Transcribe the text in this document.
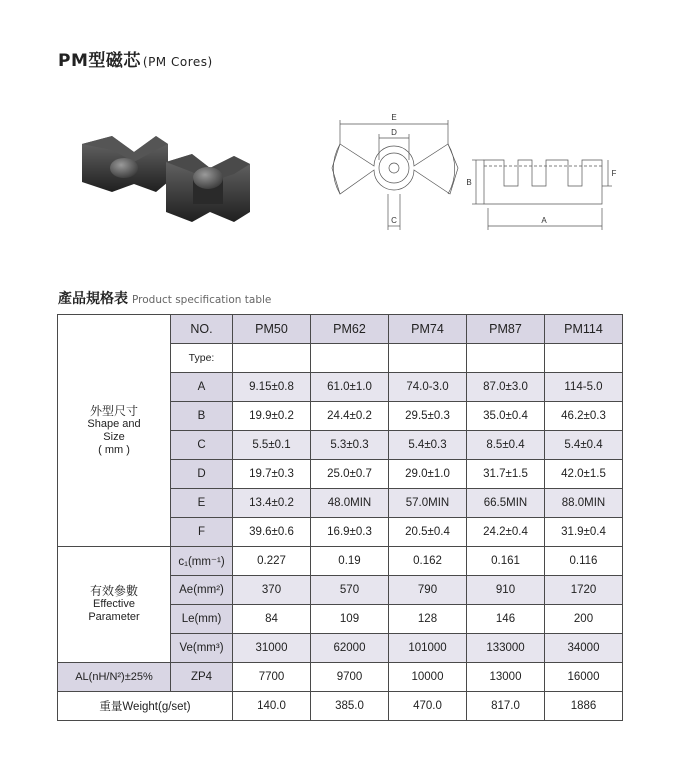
PM型磁芯 (PM Cores)
E
D
C
B
F
A
產品規格表 Product specification table
外型尺寸
Shape and
Size
( mm )	NO.	PM50	PM62	PM74	PM87	PM114
	Type:					
	A	9.15±0.8	61.0±1.0	74.0-3.0	87.0±3.0	114-5.0
	B	19.9±0.2	24.4±0.2	29.5±0.3	35.0±0.4	46.2±0.3
	C	5.5±0.1	5.3±0.3	5.4±0.3	8.5±0.4	5.4±0.4
	D	19.7±0.3	25.0±0.7	29.0±1.0	31.7±1.5	42.0±1.5
	E	13.4±0.2	48.0MIN	57.0MIN	66.5MIN	88.0MIN
	F	39.6±0.6	16.9±0.3	20.5±0.4	24.2±0.4	31.9±0.4

有效參數
Effective
Parameter	c₁(mm⁻¹)	0.227	0.19	0.162	0.161	0.116
	Ae(mm²)	370	570	790	910	1720
	Le(mm)	84	109	128	146	200
	Ve(mm³)	31000	62000	101000	133000	34000
AL(nH/N²)±25%	ZP4	7700	9700	10000	13000	16000
重量Weight(g/set)		140.0	385.0	470.0	817.0	1886
